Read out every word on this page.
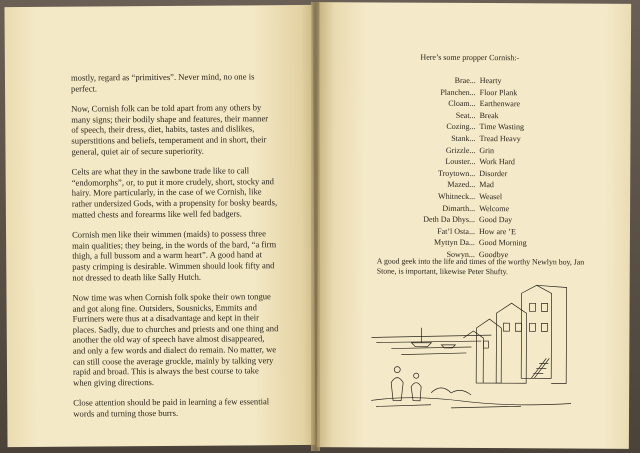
mostly, regard as “primitives”. Never mind, no one is perfect.

Now, Cornish folk can be told apart from any others by many signs; their bodily shape and features, their manner of speech, their dress, diet, habits, tastes and dislikes, superstitions and beliefs, temperament and in short, their general, quiet air of secure superiority.

Celts are what they in the sawbone trade like to call “endomorphs”, or, to put it more crudely, short, stocky and hairy. More particularly, in the case of we Cornish, like rather undersized Gods, with a propensity for bosky beards, matted chests and forearms like well fed badgers.

Cornish men like their wimmen (maids) to possess three main qualities; they being, in the words of the bard, “a firm thigh, a full bussom and a warm heart”. A good hand at pasty crimping is desirable. Wimmen should look fifty and not dressed to death like Sally Hutch.

Now time was when Cornish folk spoke their own tongue and got along fine. Outsiders, Sousnicks, Emmits and Furriners were thus at a disadvantage and kept in their places. Sadly, due to churches and priests and one thing and another the old way of speech have almost disappeared, and only a few words and dialect do remain. No matter, we can still coose the average grockle, mainly by talking very rapid and broad. This is always the best course to take when giving directions.

Close attention should be paid in learning a few essential words and turning those burrs.

Here’s some propper Cornish:-
Brae... Hearty
Planchen... Floor Plank
Cloam... Earthenware
Seat... Break
Cozing... Time Wasting
Stank... Tread Heavy
Grizzle... Grin
Louster... Work Hard
Troytown... Disorder
Mazed... Mad
Whitneck... Weasel
Dimarth... Welcome
Deth Da Dhys... Good Day
Fat’l Osta... How are ’E
Myttyn Da... Good Morning
Sowyn... Goodbye
A good geek into the life and times of the worthy Newlyn boy, Jan Stone, is important, likewise Peter Shufty.
